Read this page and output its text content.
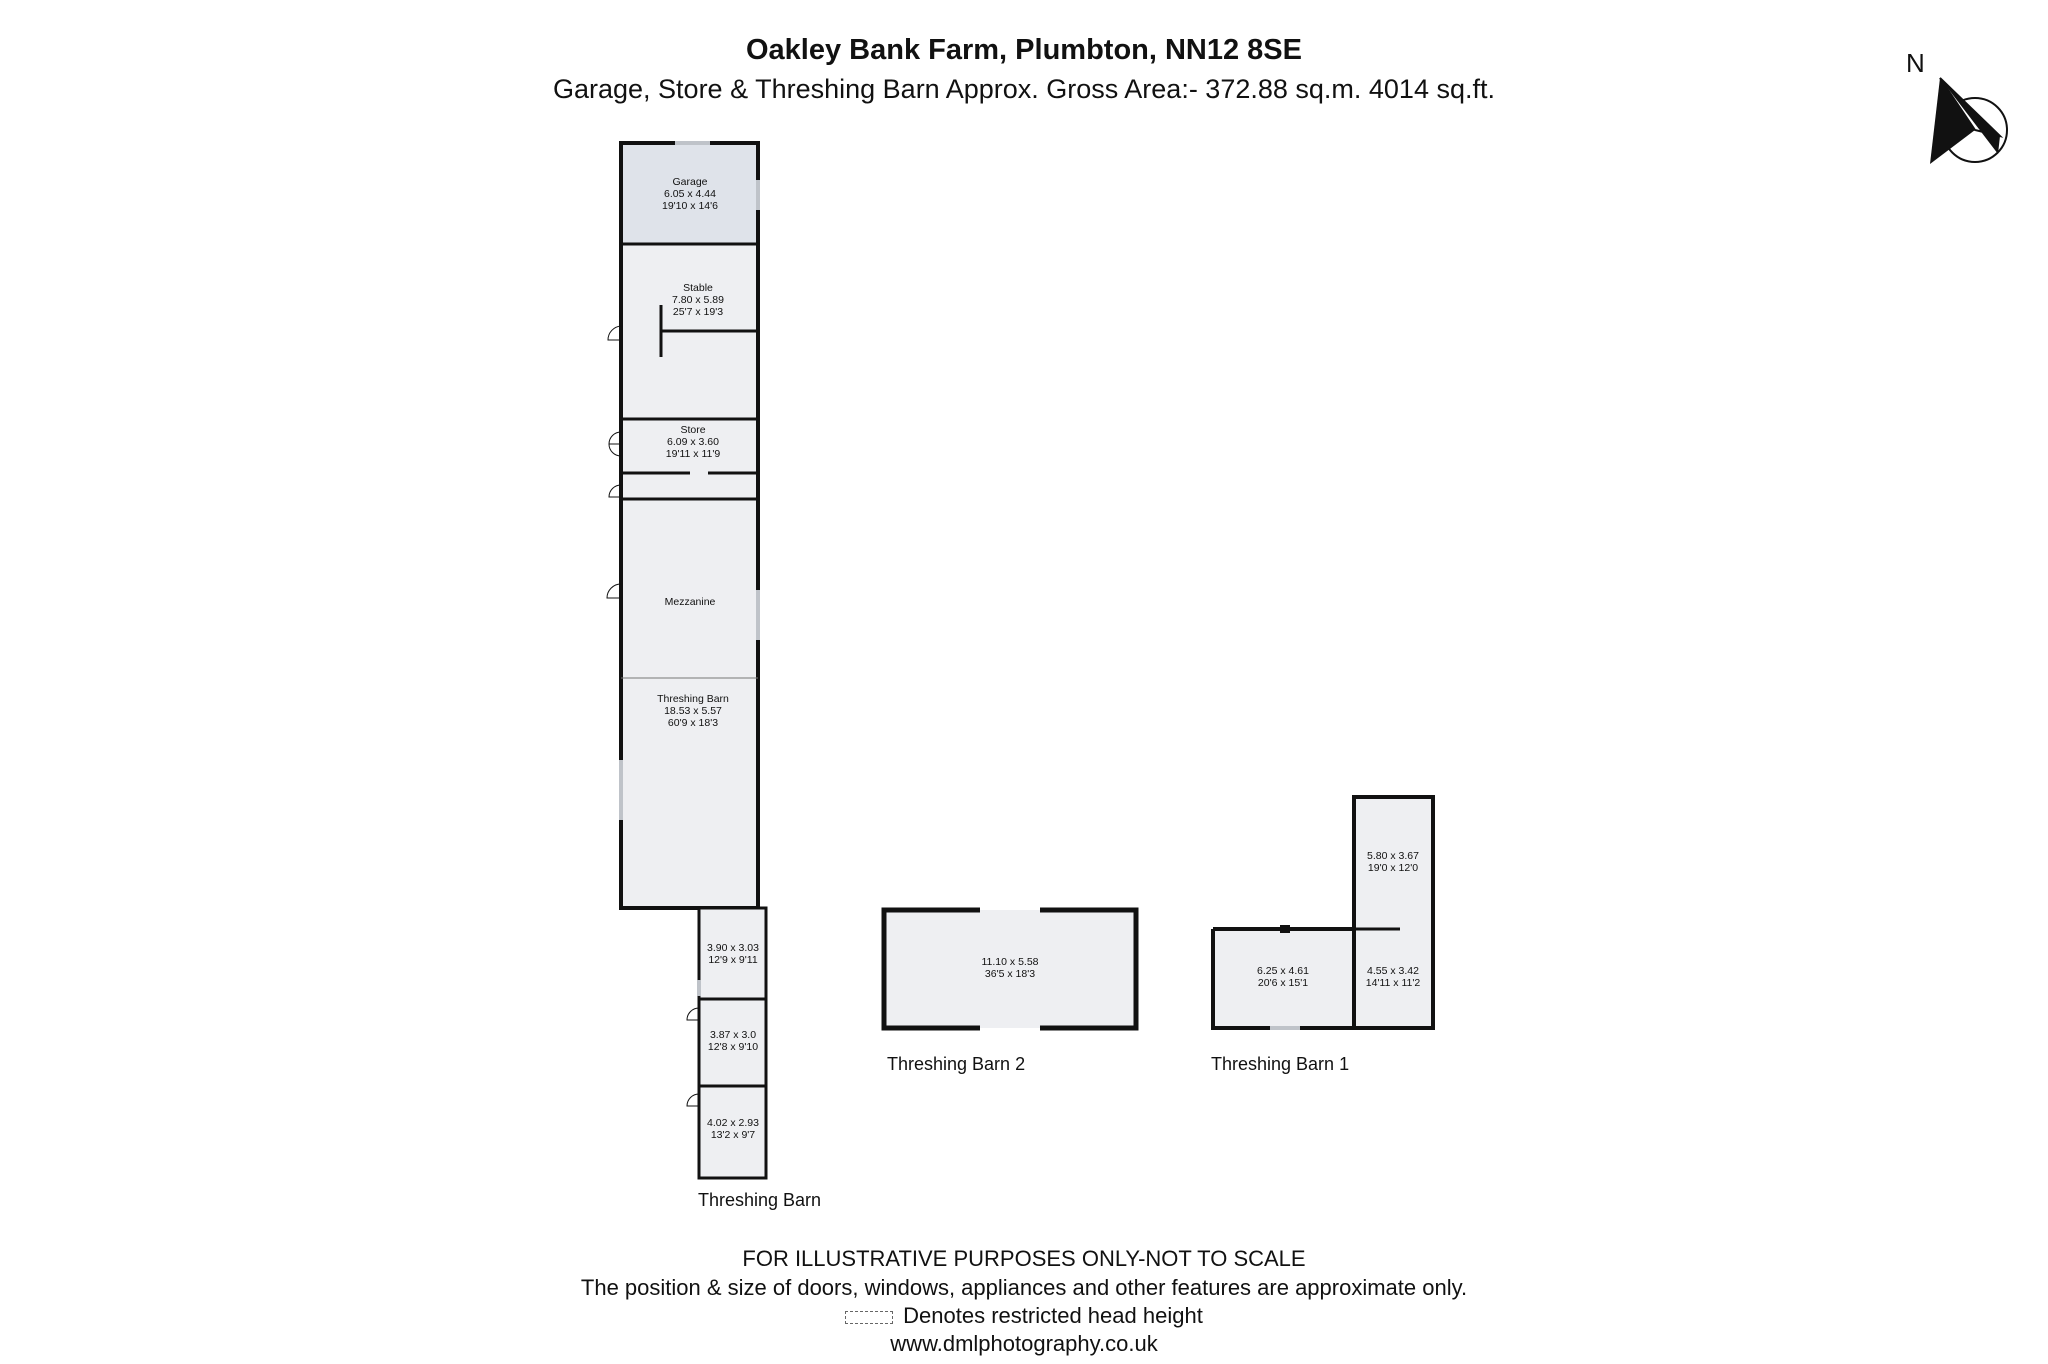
Oakley Bank Farm, Plumbton, NN12 8SE
Garage, Store & Threshing Barn Approx. Gross Area:- 372.88 sq.m. 4014 sq.ft.
N
Garage
6.05 x 4.44
19'10 x 14'6
Stable
7.80 x 5.89
25'7 x 19'3
Store
6.09 x 3.60
19'11 x 11'9
Mezzanine
Threshing Barn
18.53 x 5.57
60'9 x 18'3
3.90 x 3.03
12'9 x 9'11
3.87 x 3.0
12'8 x 9'10
4.02 x 2.93
13'2 x 9'7
Threshing Barn
11.10 x 5.58
36'5 x 18'3
Threshing Barn 2
6.25 x 4.61
20'6 x 15'1
5.80 x 3.67
19'0 x 12'0
4.55 x 3.42
14'11 x 11'2
Threshing Barn 1
FOR ILLUSTRATIVE PURPOSES ONLY-NOT TO SCALE
The position & size of doors, windows, appliances and other features are approximate only.
Denotes restricted head height
www.dmlphotography.co.uk
